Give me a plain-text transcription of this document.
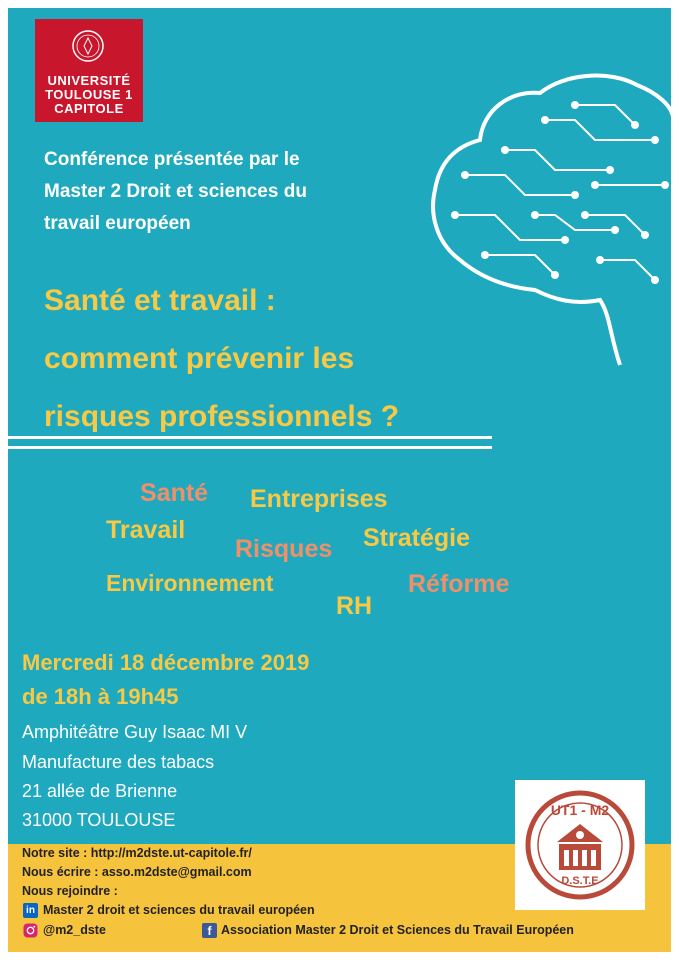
UNIVERSITÉ
TOULOUSE 1
CAPITOLE
Conférence présentée par le
Master 2 Droit et sciences du
travail européen
Santé et travail :
comment prévenir les
risques professionnels ?
Santé Entreprises
Travail	Stratégie
Risques
Environnement	Réforme
RH
Mercredi 18 décembre 2019
de 18h à 19h45
Amphitéâtre Guy Isaac MI V
Manufacture des tabacs
21 allée de Brienne
31000 TOULOUSE	UT1 - M2
D.S.T.E
Notre site : http://m2dste.ut-capitole.fr/
Nous écrire : asso.m2dste@gmail.com
Nous rejoindre :
in Master 2 droit et sciences du travail européen
@m2_dste	f Association Master 2 Droit et Sciences du Travail Européen
